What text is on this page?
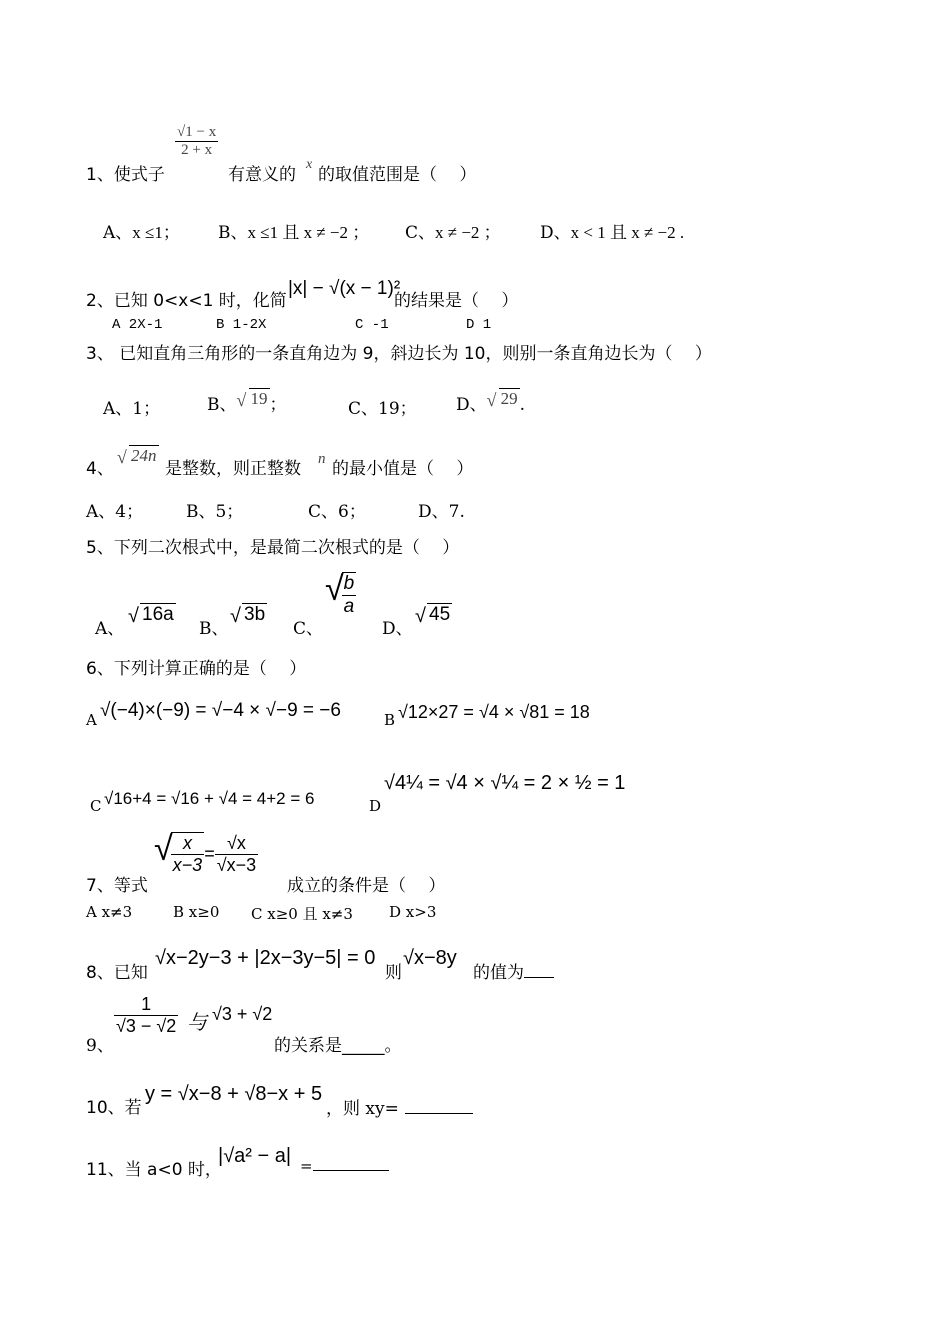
$\frac{√1 - x}{2 + x}$
1、使式子	有意义的
x
的取值范围是（　 ）
A、x ≤1； B、x ≤1 且 x ≠ −2 ； C、x ≠ −2 ； D、x < 1 且 x ≠ −2 .
2、已知 0<x<1 时，化简
|x| − √(x − 1)²
的结果是（　 ）
A 2X-1	B 1-2X	C -1	D 1
3、 已知直角三角形的一条直角边为 9，斜边长为 10，则别一条直角边长为（　 ）
A、1；	B、 √ 19 ；	C、19； D、 √ 29 .
4、
√ 24n
是整数，则正整数 n 的最小值是（　 ）
A、4；	B、5；	C、6；	D、7.
5、下列二次根式中，是最简二次根式的是（　 ）
A、
√ 16a
B、
√ 3b
C、
√
$\frac{b}{a}$
D、
√ 45
6、下列计算正确的是（　 ）
A √(−4)×(−9) = √−4 × √−9 = −6	B √12×27 = √4 × √81 = 18
C √16+4 = √16 + √4 = 4+2 = 6	D
√4¼ = √4 × √¼ = 2 × ½ = 1
7、等式
√
$\frac{x}{x-3} = \frac{√x}{√x-3}$
成立的条件是（　 ）
A x≠3	B x≥0 C x≥0 且 x≠3 D x>3
8、已知
√x−2y−3 + |2x−3y−5| = 0
则
√x−8y
的值为
9、
$\frac{1}{√3 - √2}$ 与 √3 + √2
的关系是_____。
10、若
y = √x−8 + √8−x + 5
，则 xy=
11、当 a<0 时，
|√a² − a| =
